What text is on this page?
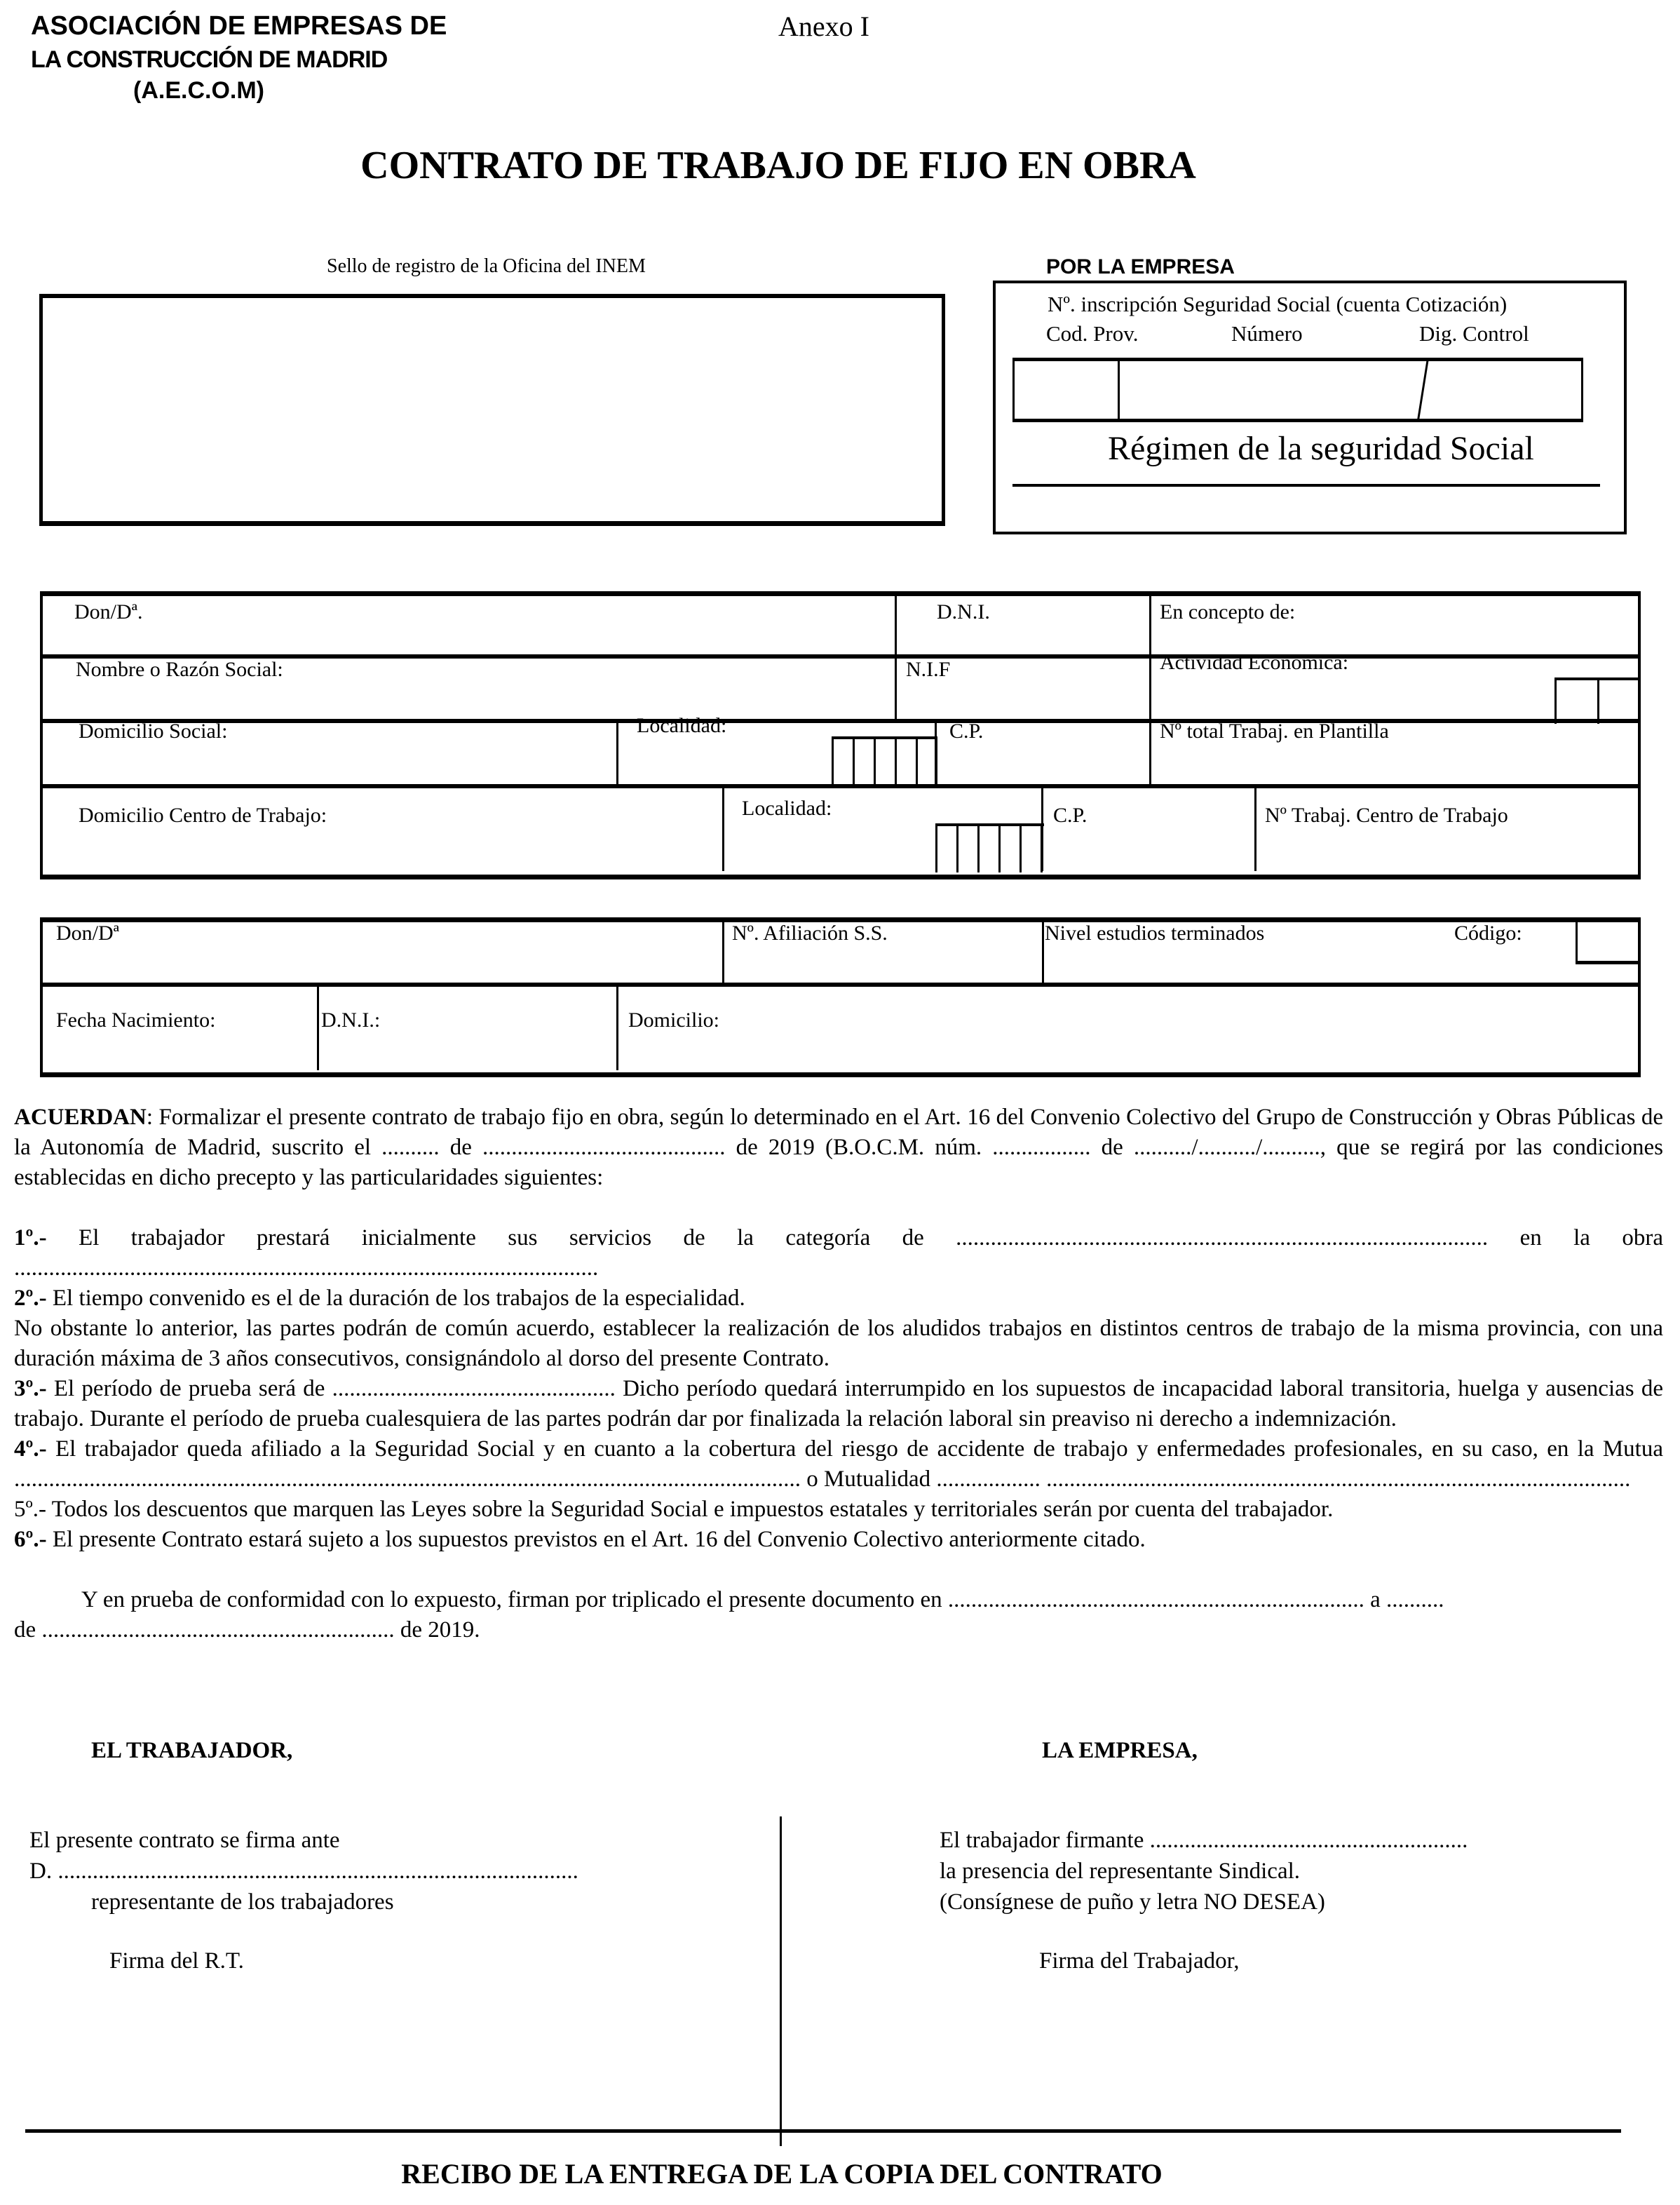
ASOCIACIÓN DE EMPRESAS DE
LA CONSTRUCCIÓN DE MADRID
(A.E.C.O.M)
Anexo I
CONTRATO DE TRABAJO DE FIJO EN OBRA
Sello de registro de la Oficina del INEM	POR LA EMPRESA
Nº. inscripción Seguridad Social (cuenta Cotización)
Cod. Prov.	Número	Dig. Control
Régimen de la seguridad Social
Don/Dª.	D.N.I.	En concepto de:
Nombre o Razón Social:	N.I.F	Actividad Económica:
Domicilio Social:	Localidad:	C.P.	Nº total Trabaj. en Plantilla
Domicilio Centro de Trabajo:	Localidad:	C.P.	Nº Trabaj. Centro de Trabajo
Don/Dª	Nº. Afiliación S.S.	Nivel estudios terminados	Código:
Fecha Nacimiento:	D.N.I.:	Domicilio:

ACUERDAN: Formalizar el presente contrato de trabajo fijo en obra, según lo determinado en el Art. 16 del Convenio Colectivo del Grupo de Construcción y Obras Públicas de la Autonomía de Madrid, suscrito el .......... de .......................................... de 2019 (B.O.C.M. núm. ................. de ........../........../.........., que se regirá por las condiciones establecidas en dicho precepto y las particularidades siguientes:

1º.- El trabajador prestará inicialmente sus servicios de la categoría de ............................................................................................ en la obra .....................................................................................................

2º.- El tiempo convenido es el de la duración de los trabajos de la especialidad.

No obstante lo anterior, las partes podrán de común acuerdo, establecer la realización de los aludidos trabajos en distintos centros de trabajo de la misma provincia, con una duración máxima de 3 años consecutivos, consignándolo al dorso del presente Contrato.

3º.- El período de prueba será de ................................................. Dicho período quedará interrumpido en los supuestos de incapacidad laboral transitoria, huelga y ausencias de trabajo. Durante el período de prueba cualesquiera de las partes podrán dar por finalizada la relación laboral sin preaviso ni derecho a indemnización.

4º.- El trabajador queda afiliado a la Seguridad Social y en cuanto a la cobertura del riesgo de accidente de trabajo y enfermedades profesionales, en su caso, en la Mutua ........................................................................................................................................ o Mutualidad .................. .....................................................................................................

5º.- Todos los descuentos que marquen las Leyes sobre la Seguridad Social e impuestos estatales y territoriales serán por cuenta del trabajador.

6º.- El presente Contrato estará sujeto a los supuestos previstos en el Art. 16 del Convenio Colectivo anteriormente citado.

Y en prueba de conformidad con lo expuesto, firman por triplicado el presente documento en ........................................................................ a ..........

de ............................................................. de 2019.

EL TRABAJADOR,	LA EMPRESA,
El presente contrato se firma ante
D. ..........................................................................................
representante de los trabajadores
Firma del R.T.
El trabajador firmante .......................................................
la presencia del representante Sindical.
(Consígnese de puño y letra NO DESEA)
Firma del Trabajador,
RECIBO DE LA ENTREGA DE LA COPIA DEL CONTRATO
